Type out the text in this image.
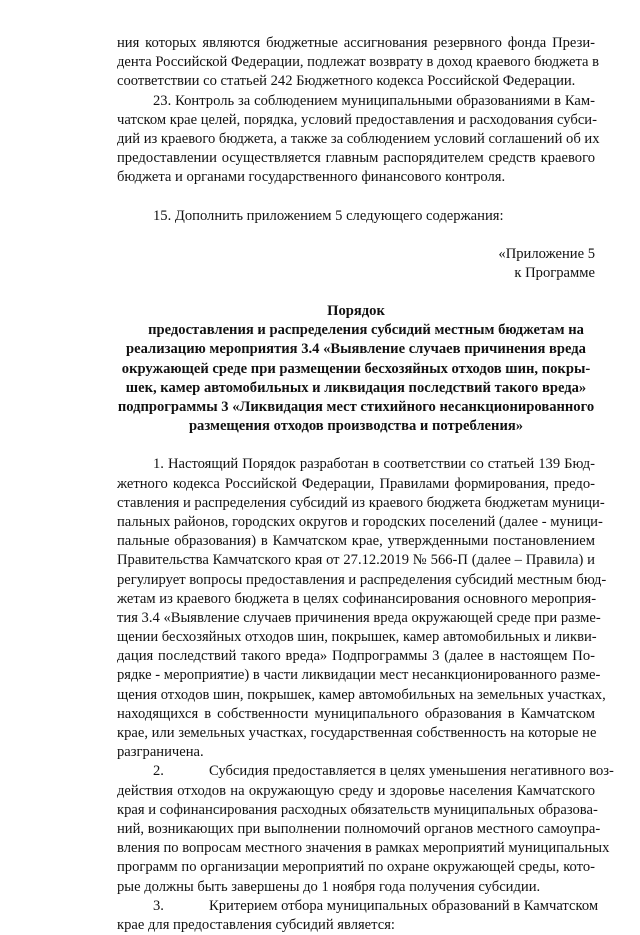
ния которых являются бюджетные ассигнования резервного фонда Прези-
дента Российской Федерации, подлежат возврату в доход краевого бюджета в
соответствии со статьей 242 Бюджетного кодекса Российской Федерации.
23. Контроль за соблюдением муниципальными образованиями в Кам-
чатском крае целей, порядка, условий предоставления и расходования субси-
дий из краевого бюджета, а также за соблюдением условий соглашений об их
предоставлении осуществляется главным распорядителем средств краевого
бюджета и органами государственного финансового контроля.
15. Дополнить приложением 5 следующего содержания:
«Приложение 5
к Программе
Порядок
предоставления и распределения субсидий местным бюджетам на
реализацию мероприятия 3.4 «Выявление случаев причинения вреда
окружающей среде при размещении бесхозяйных отходов шин, покры-
шек, камер автомобильных и ликвидация последствий такого вреда»
подпрограммы 3 «Ликвидация мест стихийного несанкционированного
размещения отходов производства и потребления»
1. Настоящий Порядок разработан в соответствии со статьей 139 Бюд-
жетного кодекса Российской Федерации, Правилами формирования, предо-
ставления и распределения субсидий из краевого бюджета бюджетам муници-
пальных районов, городских округов и городских поселений (далее - муници-
пальные образования) в Камчатском крае, утвержденными постановлением
Правительства Камчатского края от 27.12.2019 № 566-П (далее – Правила) и
регулирует вопросы предоставления и распределения субсидий местным бюд-
жетам из краевого бюджета в целях софинансирования основного мероприя-
тия 3.4 «Выявление случаев причинения вреда окружающей среде при разме-
щении бесхозяйных отходов шин, покрышек, камер автомобильных и ликви-
дация последствий такого вреда» Подпрограммы 3 (далее в настоящем По-
рядке - мероприятие) в части ликвидации мест несанкционированного разме-
щения отходов шин, покрышек, камер автомобильных на земельных участках,
находящихся в собственности муниципального образования в Камчатском
крае, или земельных участках, государственная собственность на которые не
разграничена.
2.	Субсидия предоставляется в целях уменьшения негативного воз-
действия отходов на окружающую среду и здоровье населения Камчатского
края и софинансирования расходных обязательств муниципальных образова-
ний, возникающих при выполнении полномочий органов местного самоупра-
вления по вопросам местного значения в рамках мероприятий муниципальных
программ по организации мероприятий по охране окружающей среды, кото-
рые должны быть завершены до 1 ноября года получения субсидии.
3.	Критерием отбора муниципальных образований в Камчатском
крае для предоставления субсидий является:
